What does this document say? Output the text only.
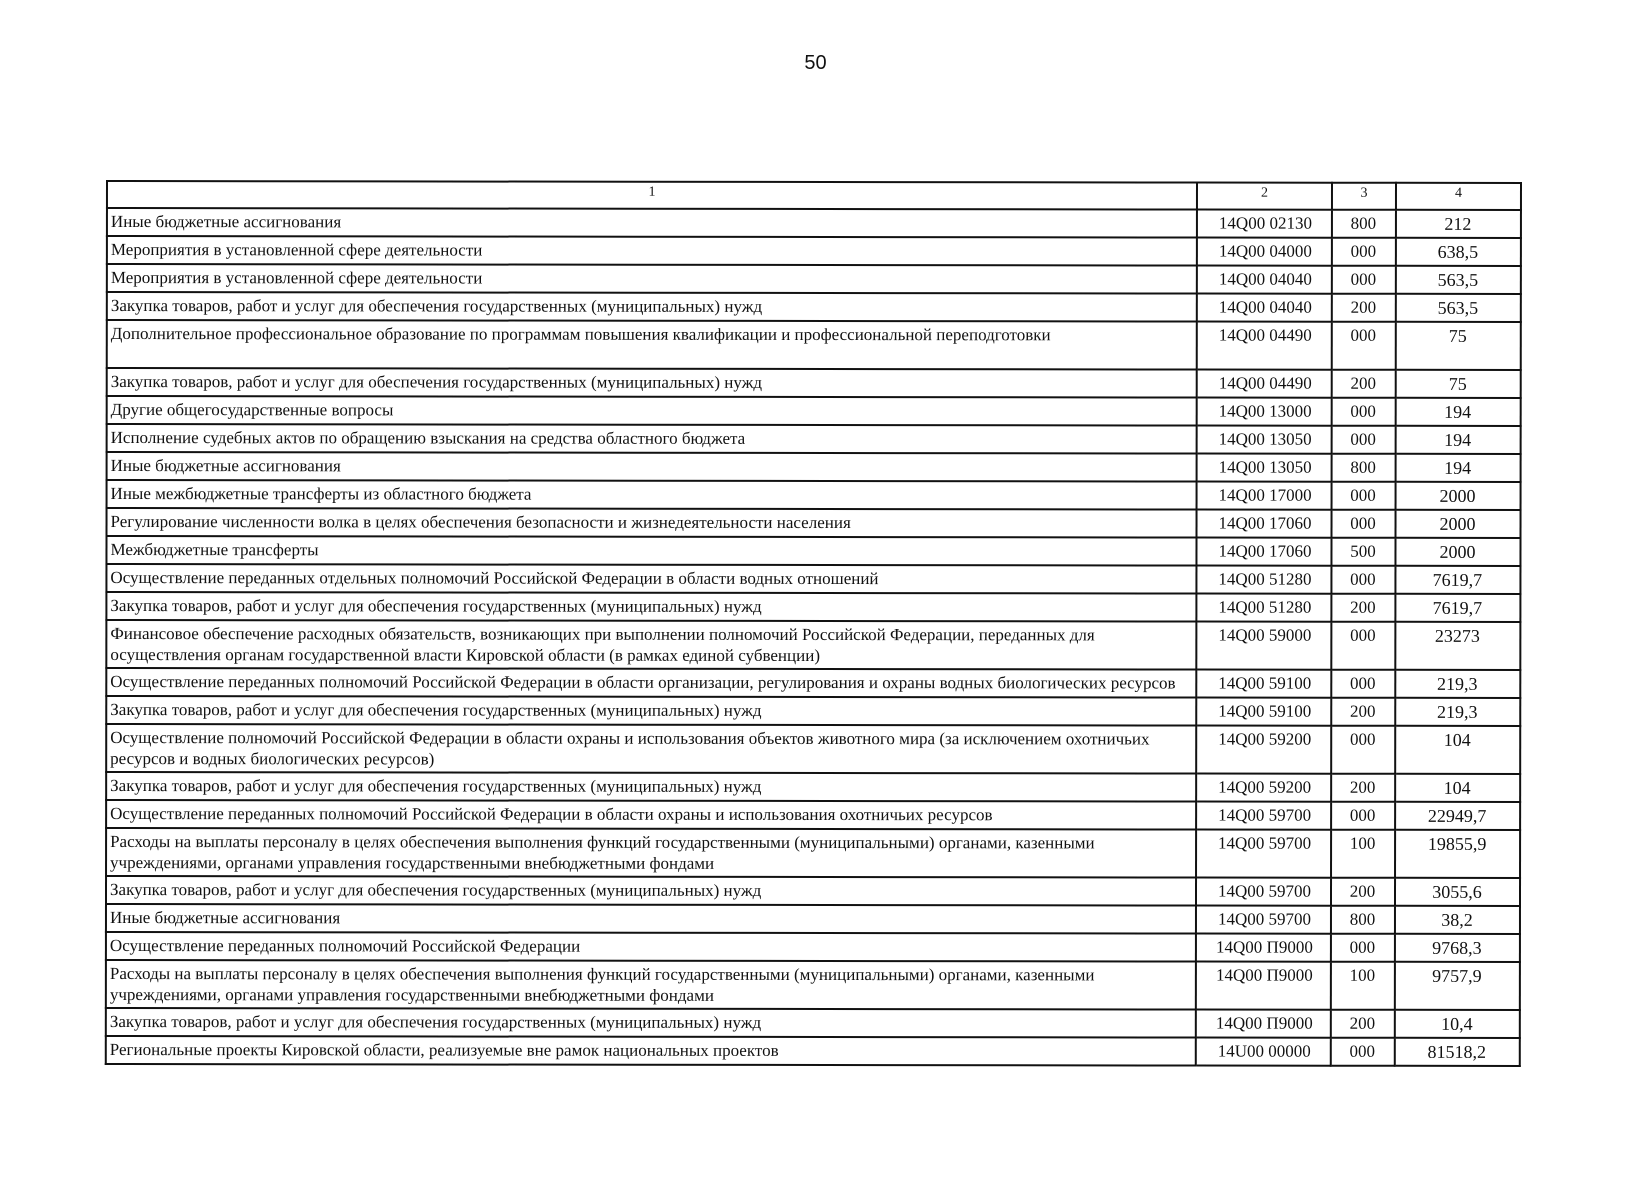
50
1	2	3	4
Иные бюджетные ассигнования	14Q00 02130	800	212
Мероприятия в установленной сфере деятельности	14Q00 04000	000	638,5
Мероприятия в установленной сфере деятельности	14Q00 04040	000	563,5
Закупка товаров, работ и услуг для обеспечения государственных (муниципальных) нужд	14Q00 04040	200	563,5
Дополнительное профессиональное образование по программам повышения квалификации и профессиональной переподготовки	14Q00 04490	000	75
Закупка товаров, работ и услуг для обеспечения государственных (муниципальных) нужд	14Q00 04490	200	75
Другие общегосударственные вопросы	14Q00 13000	000	194
Исполнение судебных актов по обращению взыскания на средства областного бюджета	14Q00 13050	000	194
Иные бюджетные ассигнования	14Q00 13050	800	194
Иные межбюджетные трансферты из областного бюджета	14Q00 17000	000	2000
Регулирование численности волка в целях обеспечения безопасности и жизнедеятельности населения	14Q00 17060	000	2000
Межбюджетные трансферты	14Q00 17060	500	2000
Осуществление переданных отдельных полномочий Российской Федерации в области водных отношений	14Q00 51280	000	7619,7
Закупка товаров, работ и услуг для обеспечения государственных (муниципальных) нужд	14Q00 51280	200	7619,7
Финансовое обеспечение расходных обязательств, возникающих при выполнении полномочий Российской Федерации, переданных для осуществления органам государственной власти Кировской области (в рамках единой субвенции)	14Q00 59000	000	23273
Осуществление переданных полномочий Российской Федерации в области организации, регулирования и охраны водных биологических ресурсов	14Q00 59100	000	219,3
Закупка товаров, работ и услуг для обеспечения государственных (муниципальных) нужд	14Q00 59100	200	219,3
Осуществление полномочий Российской Федерации в области охраны и использования объектов животного мира (за исключением охотничьих ресурсов и водных биологических ресурсов)	14Q00 59200	000	104
Закупка товаров, работ и услуг для обеспечения государственных (муниципальных) нужд	14Q00 59200	200	104
Осуществление переданных полномочий Российской Федерации в области охраны и использования охотничьих ресурсов	14Q00 59700	000	22949,7
Расходы на выплаты персоналу в целях обеспечения выполнения функций государственными (муниципальными) органами, казенными учреждениями, органами управления государственными внебюджетными фондами	14Q00 59700	100	19855,9
Закупка товаров, работ и услуг для обеспечения государственных (муниципальных) нужд	14Q00 59700	200	3055,6
Иные бюджетные ассигнования	14Q00 59700	800	38,2
Осуществление переданных полномочий Российской Федерации	14Q00 П9000	000	9768,3
Расходы на выплаты персоналу в целях обеспечения выполнения функций государственными (муниципальными) органами, казенными учреждениями, органами управления государственными внебюджетными фондами	14Q00 П9000	100	9757,9
Закупка товаров, работ и услуг для обеспечения государственных (муниципальных) нужд	14Q00 П9000	200	10,4
Региональные проекты Кировской области, реализуемые вне рамок национальных проектов	14U00 00000	000	81518,2
